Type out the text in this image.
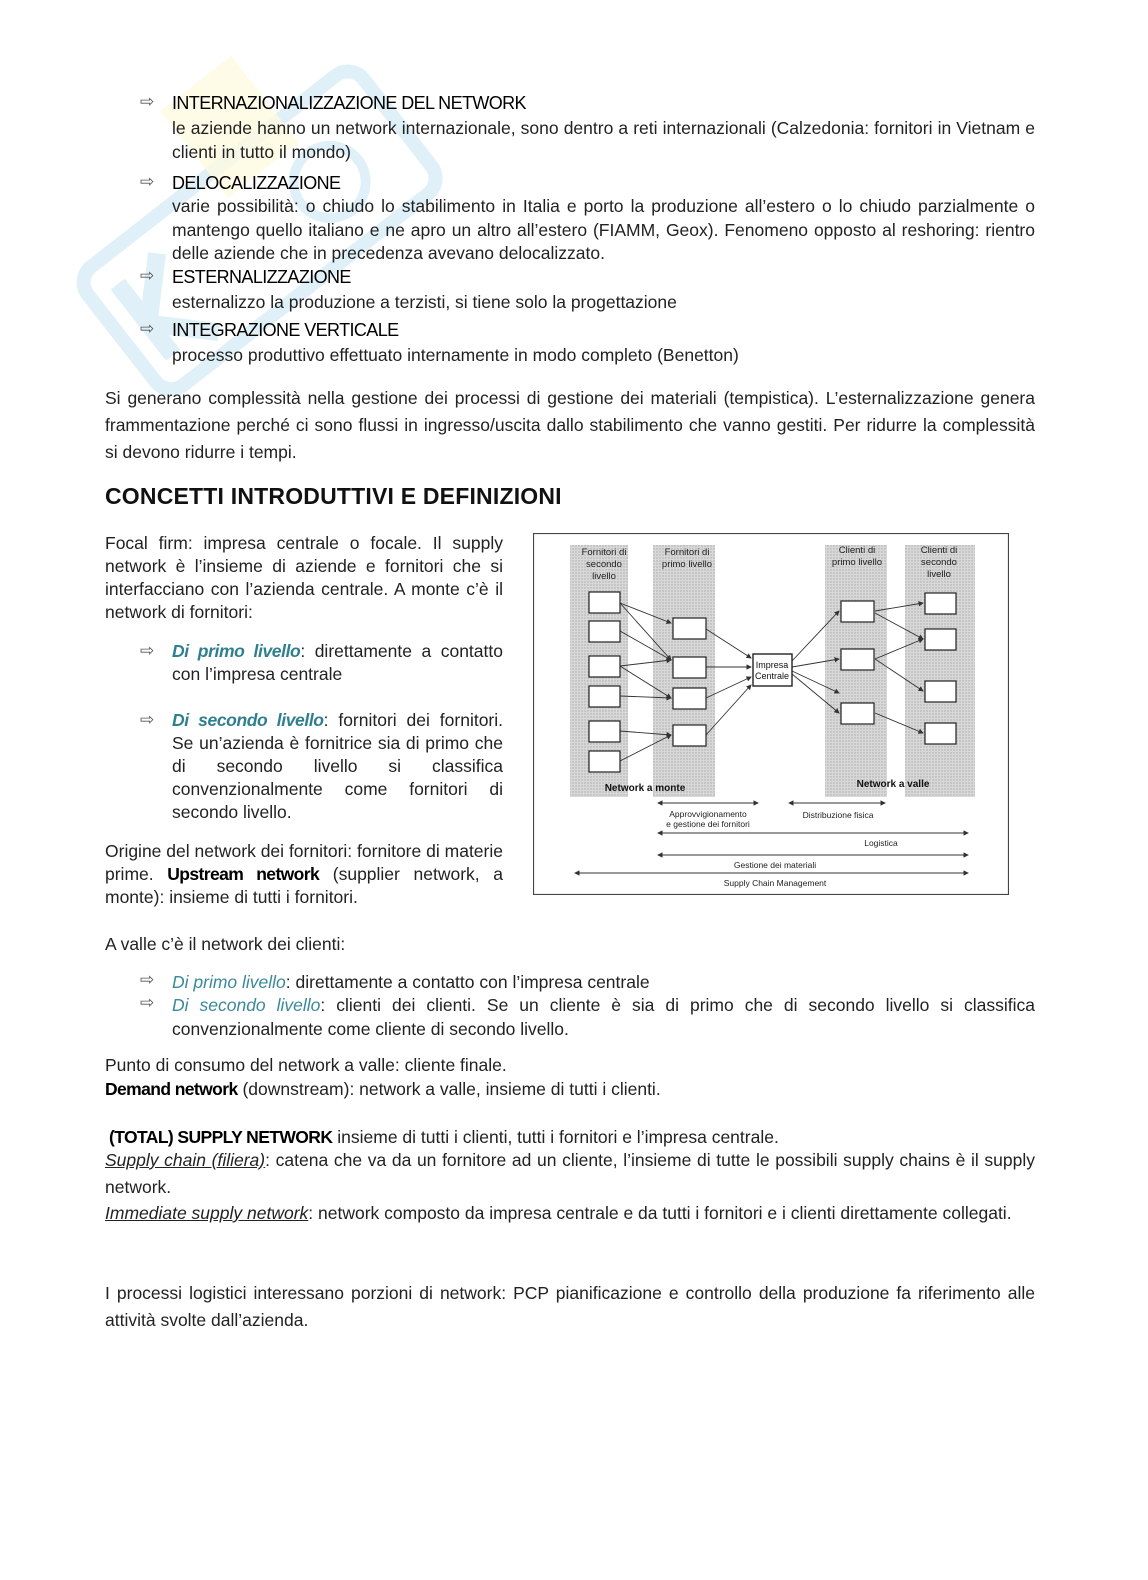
⇨ INTERNAZIONALIZZAZIONE DEL NETWORK
le aziende hanno un network internazionale, sono dentro a reti internazionali (Calzedonia: fornitori in Vietnam e clienti in tutto il mondo)
⇨ DELOCALIZZAZIONE
varie possibilità: o chiudo lo stabilimento in Italia e porto la produzione all’estero o lo chiudo parzialmente o mantengo quello italiano e ne apro un altro all’estero (FIAMM, Geox). Fenomeno opposto al reshoring: rientro delle aziende che in precedenza avevano delocalizzato.
⇨ ESTERNALIZZAZIONE
esternalizzo la produzione a terzisti, si tiene solo la progettazione
⇨ INTEGRAZIONE VERTICALE
processo produttivo effettuato internamente in modo completo (Benetton)
Si generano complessità nella gestione dei processi di gestione dei materiali (tempistica). L’esternalizzazione genera frammentazione perché ci sono flussi in ingresso/uscita dallo stabilimento che vanno gestiti. Per ridurre la complessità si devono ridurre i tempi.
CONCETTI INTRODUTTIVI E DEFINIZIONI
Focal firm: impresa centrale o focale. Il supply network è l’insieme di aziende e fornitori che si interfacciano con l’azienda centrale. A monte c’è il network di fornitori:
⇨	Di primo livello: direttamente a contatto con l’impresa centrale
⇨	Di secondo livello: fornitori dei fornitori. Se un’azienda è fornitrice sia di primo che di secondo livello si classifica convenzionalmente come fornitori di secondo livello.
Origine del network dei fornitori: fornitore di materie prime. Upstream network (supplier network, a monte): insieme di tutti i fornitori.
Fornitori di secondo livello
Fornitori di primo livello
Clienti di primo livello
Clienti di secondo livello
Impresa Centrale
Network a monte	Network a valle
Approvvigionamento e gestione dei fornitori
Distribuzione fisica
Logistica
Gestione dei materiali
Supply Chain Management
A valle c’è il network dei clienti:
⇨	Di primo livello: direttamente a contatto con l’impresa centrale
⇨	Di secondo livello: clienti dei clienti. Se un cliente è sia di primo che di secondo livello si classifica convenzionalmente come cliente di secondo livello.
Punto di consumo del network a valle: cliente finale.
Demand network (downstream): network a valle, insieme di tutti i clienti.
(TOTAL) SUPPLY NETWORK insieme di tutti i clienti, tutti i fornitori e l’impresa centrale.
Supply chain (filiera): catena che va da un fornitore ad un cliente, l’insieme di tutte le possibili supply chains è il supply network.
Immediate supply network: network composto da impresa centrale e da tutti i fornitori e i clienti direttamente collegati.
I processi logistici interessano porzioni di network: PCP pianificazione e controllo della produzione fa riferimento alle attività svolte dall’azienda.
